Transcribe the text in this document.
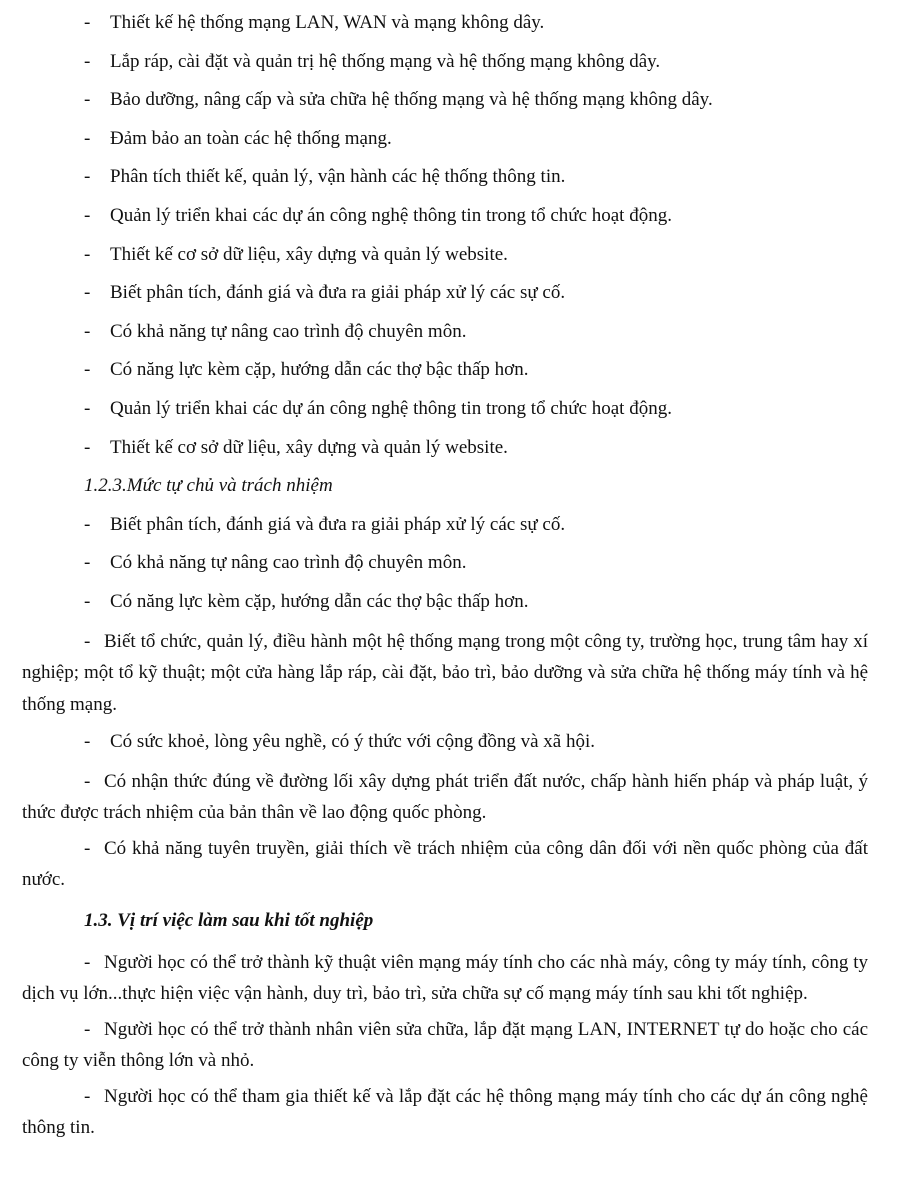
- Thiết kế hệ thống mạng LAN, WAN và mạng không dây.
- Lắp ráp, cài đặt và quản trị hệ thống mạng và hệ thống mạng không dây.
- Bảo dưỡng, nâng cấp và sửa chữa hệ thống mạng và hệ thống mạng không dây.
- Đảm bảo an toàn các hệ thống mạng.
- Phân tích thiết kế, quản lý, vận hành các hệ thống thông tin.
- Quản lý triển khai các dự án công nghệ thông tin trong tổ chức hoạt động.
- Thiết kế cơ sở dữ liệu, xây dựng và quản lý website.
- Biết phân tích, đánh giá và đưa ra giải pháp xử lý các sự cố.
- Có khả năng tự nâng cao trình độ chuyên môn.
- Có năng lực kèm cặp, hướng dẫn các thợ bậc thấp hơn.
- Quản lý triển khai các dự án công nghệ thông tin trong tổ chức hoạt động.
- Thiết kế cơ sở dữ liệu, xây dựng và quản lý website.
1.2.3.Mức tự chủ và trách nhiệm
- Biết phân tích, đánh giá và đưa ra giải pháp xử lý các sự cố.
- Có khả năng tự nâng cao trình độ chuyên môn.
- Có năng lực kèm cặp, hướng dẫn các thợ bậc thấp hơn.

- Biết tổ chức, quản lý, điều hành một hệ thống mạng trong một công ty, trường học, trung tâm hay xí nghiệp; một tổ kỹ thuật; một cửa hàng lắp ráp, cài đặt, bảo trì, bảo dưỡng và sửa chữa hệ thống máy tính và hệ thống mạng.

- Có sức khoẻ, lòng yêu nghề, có ý thức với cộng đồng và xã hội.

- Có nhận thức đúng về đường lối xây dựng phát triển đất nước, chấp hành hiến pháp và pháp luật, ý thức được trách nhiệm của bản thân về lao động quốc phòng.

- Có khả năng tuyên truyền, giải thích về trách nhiệm của công dân đối với nền quốc phòng của đất nước.

1.3. Vị trí việc làm sau khi tốt nghiệp

- Người học có thể trở thành kỹ thuật viên mạng máy tính cho các nhà máy, công ty máy tính, công ty dịch vụ lớn...thực hiện việc vận hành, duy trì, bảo trì, sửa chữa sự cố mạng máy tính sau khi tốt nghiệp.

- Người học có thể trở thành nhân viên sửa chữa, lắp đặt mạng LAN, INTERNET tự do hoặc cho các công ty viễn thông lớn và nhỏ.

- Người học có thể tham gia thiết kế và lắp đặt các hệ thông mạng máy tính cho các dự án công nghệ thông tin.
